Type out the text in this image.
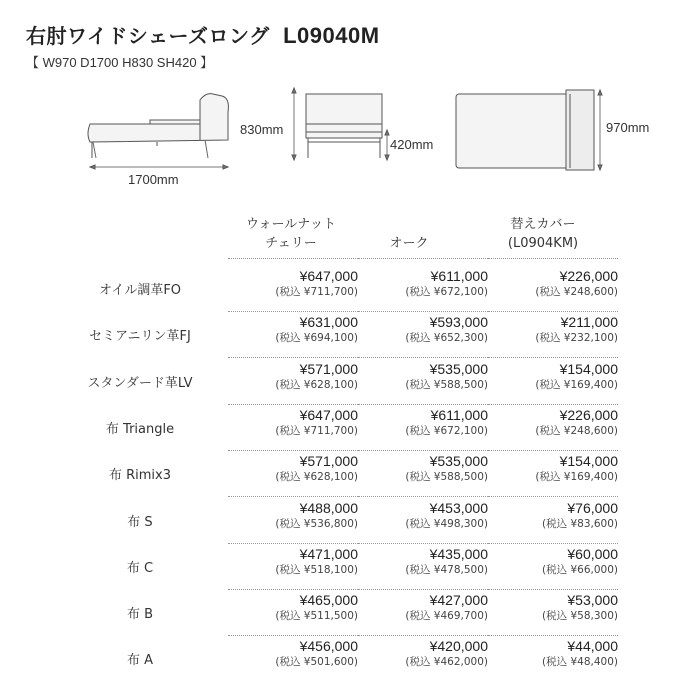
右肘ワイドシェーズロング L09040M
【 W970 D1700 H830 SH420 】
1700mm
830mm
420mm
970mm
ウォールナット
チェリー	オーク
替えカバー
(L0904KM)
オイル調革FO
¥647,000
(税込 ¥711,700)
¥611,000
(税込 ¥672,100)
¥226,000
(税込 ¥248,600)
セミアニリン革FJ
¥631,000
(税込 ¥694,100)
¥593,000
(税込 ¥652,300)
¥211,000
(税込 ¥232,100)
スタンダード革LV
¥571,000
(税込 ¥628,100)
¥535,000
(税込 ¥588,500)
¥154,000
(税込 ¥169,400)
布 Triangle
¥647,000
(税込 ¥711,700)
¥611,000
(税込 ¥672,100)
¥226,000
(税込 ¥248,600)
布 Rimix3
¥571,000
(税込 ¥628,100)
¥535,000
(税込 ¥588,500)
¥154,000
(税込 ¥169,400)
布 S
¥488,000
(税込 ¥536,800)
¥453,000
(税込 ¥498,300)
¥76,000
(税込 ¥83,600)
布 C
¥471,000
(税込 ¥518,100)
¥435,000
(税込 ¥478,500)
¥60,000
(税込 ¥66,000)
布 B
¥465,000
(税込 ¥511,500)
¥427,000
(税込 ¥469,700)
¥53,000
(税込 ¥58,300)
布 A
¥456,000
(税込 ¥501,600)
¥420,000
(税込 ¥462,000)
¥44,000
(税込 ¥48,400)
